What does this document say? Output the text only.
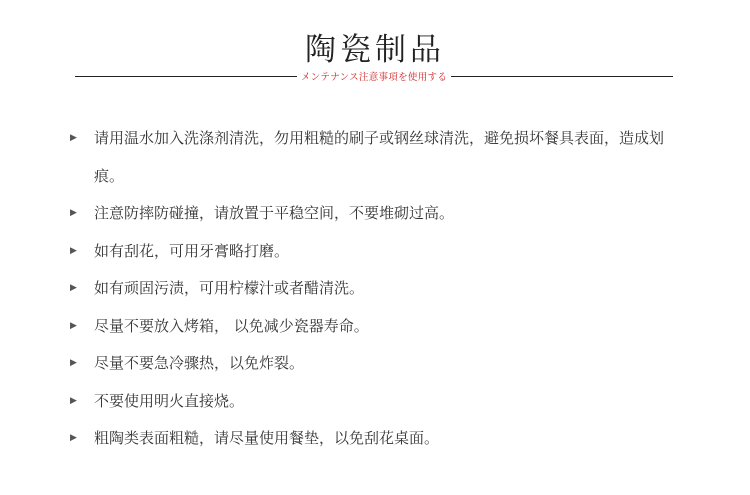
陶瓷制品
メンテナンス注意事項を使用する
▶	请用温水加入洗涤剂清洗，勿用粗糙的刷子或钢丝球清洗，避免损坏餐具表面，造成划痕。
▶	注意防摔防碰撞，请放置于平稳空间，不要堆砌过高。
▶	如有刮花，可用牙膏略打磨。
▶	如有顽固污渍，可用柠檬汁或者醋清洗。
▶	尽量不要放入烤箱， 以免减少瓷器寿命。
▶	尽量不要急冷骤热，以免炸裂。
▶	不要使用明火直接烧。
▶	粗陶类表面粗糙，请尽量使用餐垫，以免刮花桌面。
